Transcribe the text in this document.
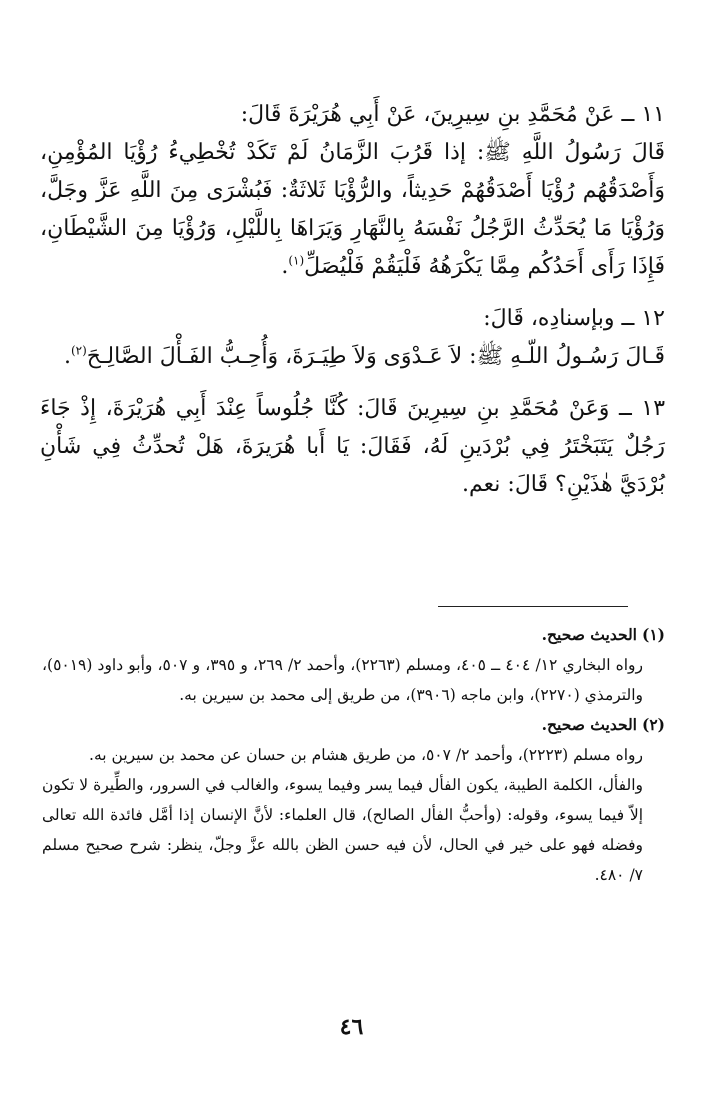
١١ ــ عَنْ مُحَمَّدِ بنِ سِيرِينَ، عَنْ أَبِي هُرَيْرَةَ قَالَ:

قَالَ رَسُولُ اللَّهِ ﷺ: إذا قَرُبَ الزَّمَانُ لَمْ تَكَدْ تُخْطِيءُ رُؤْيَا المُؤْمِنِ، وَأَصْدَقُهُم رُؤْيَا أَصْدَقُهُمْ حَدِيثاً، والرُّؤْيَا ثَلاثَةٌ: فَبُشْرَى مِنَ اللَّهِ عَزَّ وجَلَّ، وَرُؤْيَا مَا يُحَدِّثُ الرَّجُلُ نَفْسَهُ بِالنَّهَارِ وَيَرَاهَا بِاللَّيْلِ، وَرُؤْيَا مِنَ الشَّيْطَانِ، فَإِذَا رَأَى أَحَدُكُم مِمَّا يَكْرَهُهُ فَلْيَقُمْ فَلْيُصَلِّ$^{(١)}$.

١٢ ــ وبإسنادِه، قَالَ:

قَـالَ رَسُـولُ اللّـهِ ﷺ: لاَ عَـدْوَى وَلاَ طِيَـرَةَ، وَأُحِـبُّ الفَـأْلَ الصَّالِـحَ$^{(٢)}$.

١٣ ــ وَعَنْ مُحَمَّدِ بنِ سِيرِينَ قَالَ: كُنَّا جُلُوساً عِنْدَ أَبِي هُرَيْرَةَ، إِذْ جَاءَ رَجُلٌ يَتَبَخْتَرُ فِي بُرْدَينِ لَهُ، فَقَالَ: يَا أَبا هُرَيرَةَ، هَلْ تُحدِّثُ فِي شَأْنِ بُرْدَيَّ هٰذَيْنِ؟ قَالَ: نعم.

(١)الحديث صحيح.

رواه البخاري ١٢/ ٤٠٤ ــ ٤٠٥، ومسلم (٢٢٦٣)، وأحمد ٢/ ٢٦٩، و ٣٩٥، و ٥٠٧، وأبو داود (٥٠١٩)، والترمذي (٢٢٧٠)، وابن ماجه (٣٩٠٦)، من طريق إلى محمد بن سيرين به.

(٢)الحديث صحيح.

رواه مسلم (٢٢٢٣)، وأحمد ٢/ ٥٠٧، من طريق هشام بن حسان عن محمد بن سيرين به.

والفأل، الكلمة الطيبة، يكون الفأل فيما يسر وفيما يسوء، والغالب في السرور، والطِّيرة لا تكون إلاّ فيما يسوء، وقوله: (وأحبُّ الفأل الصالح)، قال العلماء: لأنَّ الإنسان إذا أمَّل فائدة الله تعالى وفضله فهو على خير في الحال، لأن فيه حسن الظن بالله عزَّ وجلّ، ينظر: شرح صحيح مسلم ٧/ ٤٨٠.

٤٦
